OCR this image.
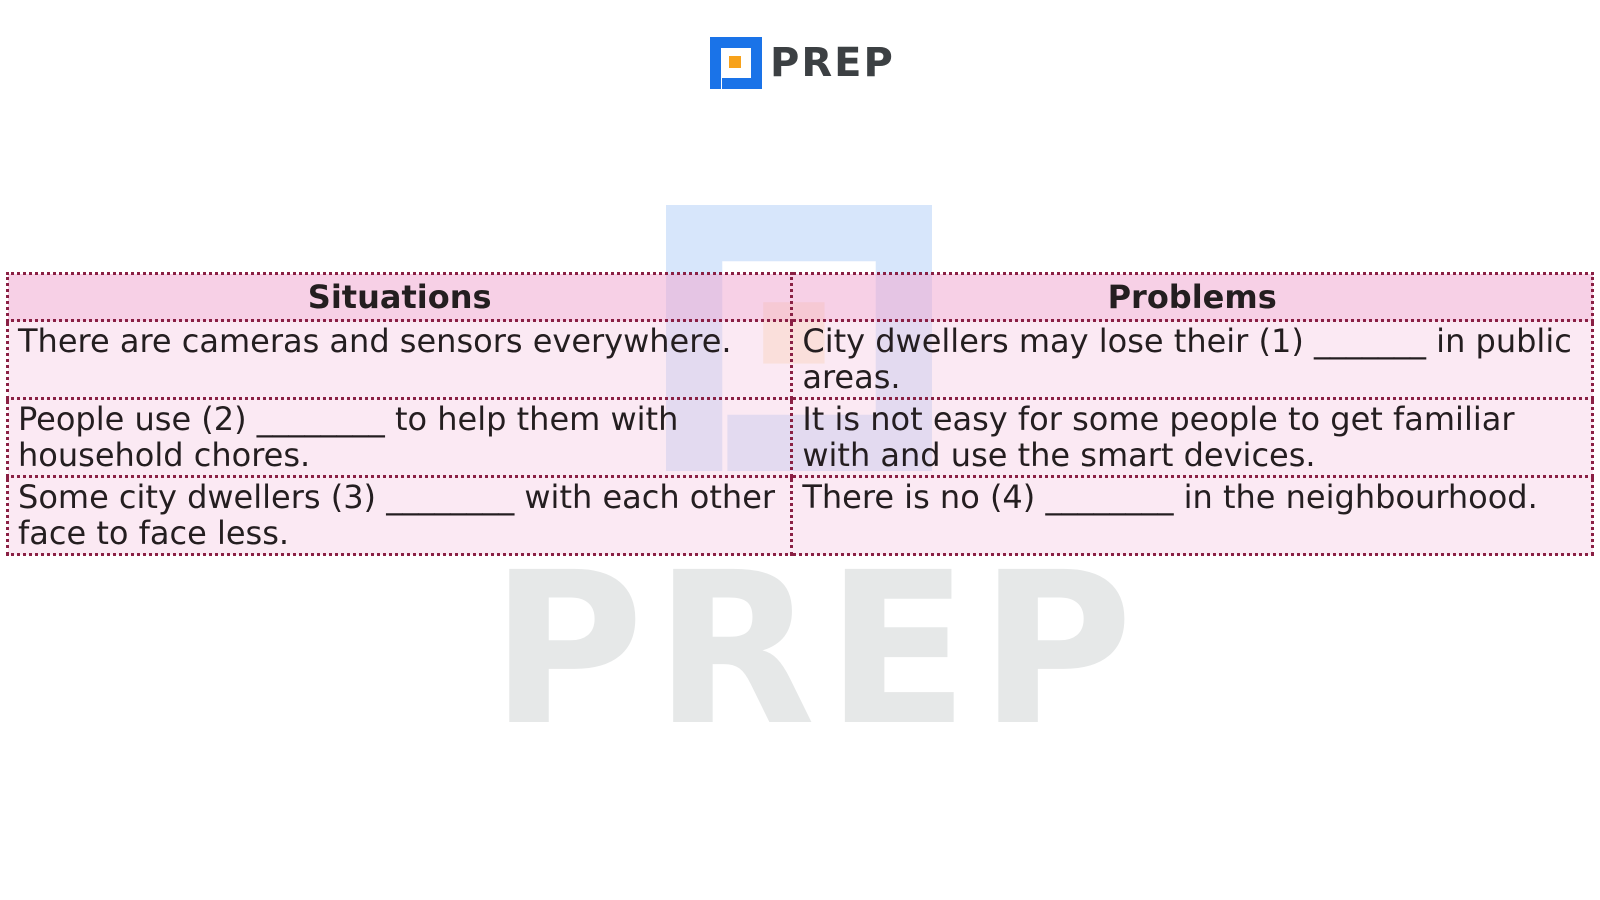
PREP
PREP
Situations	Problems
There are cameras and sensors everywhere.	City dwellers may lose their (1) _______ in public areas.
People use (2) ________ to help them with household chores.	It is not easy for some people to get familiar with and use the smart devices.
Some city dwellers (3) ________ with each other face to face less.	There is no (4) ________ in the neighbourhood.
